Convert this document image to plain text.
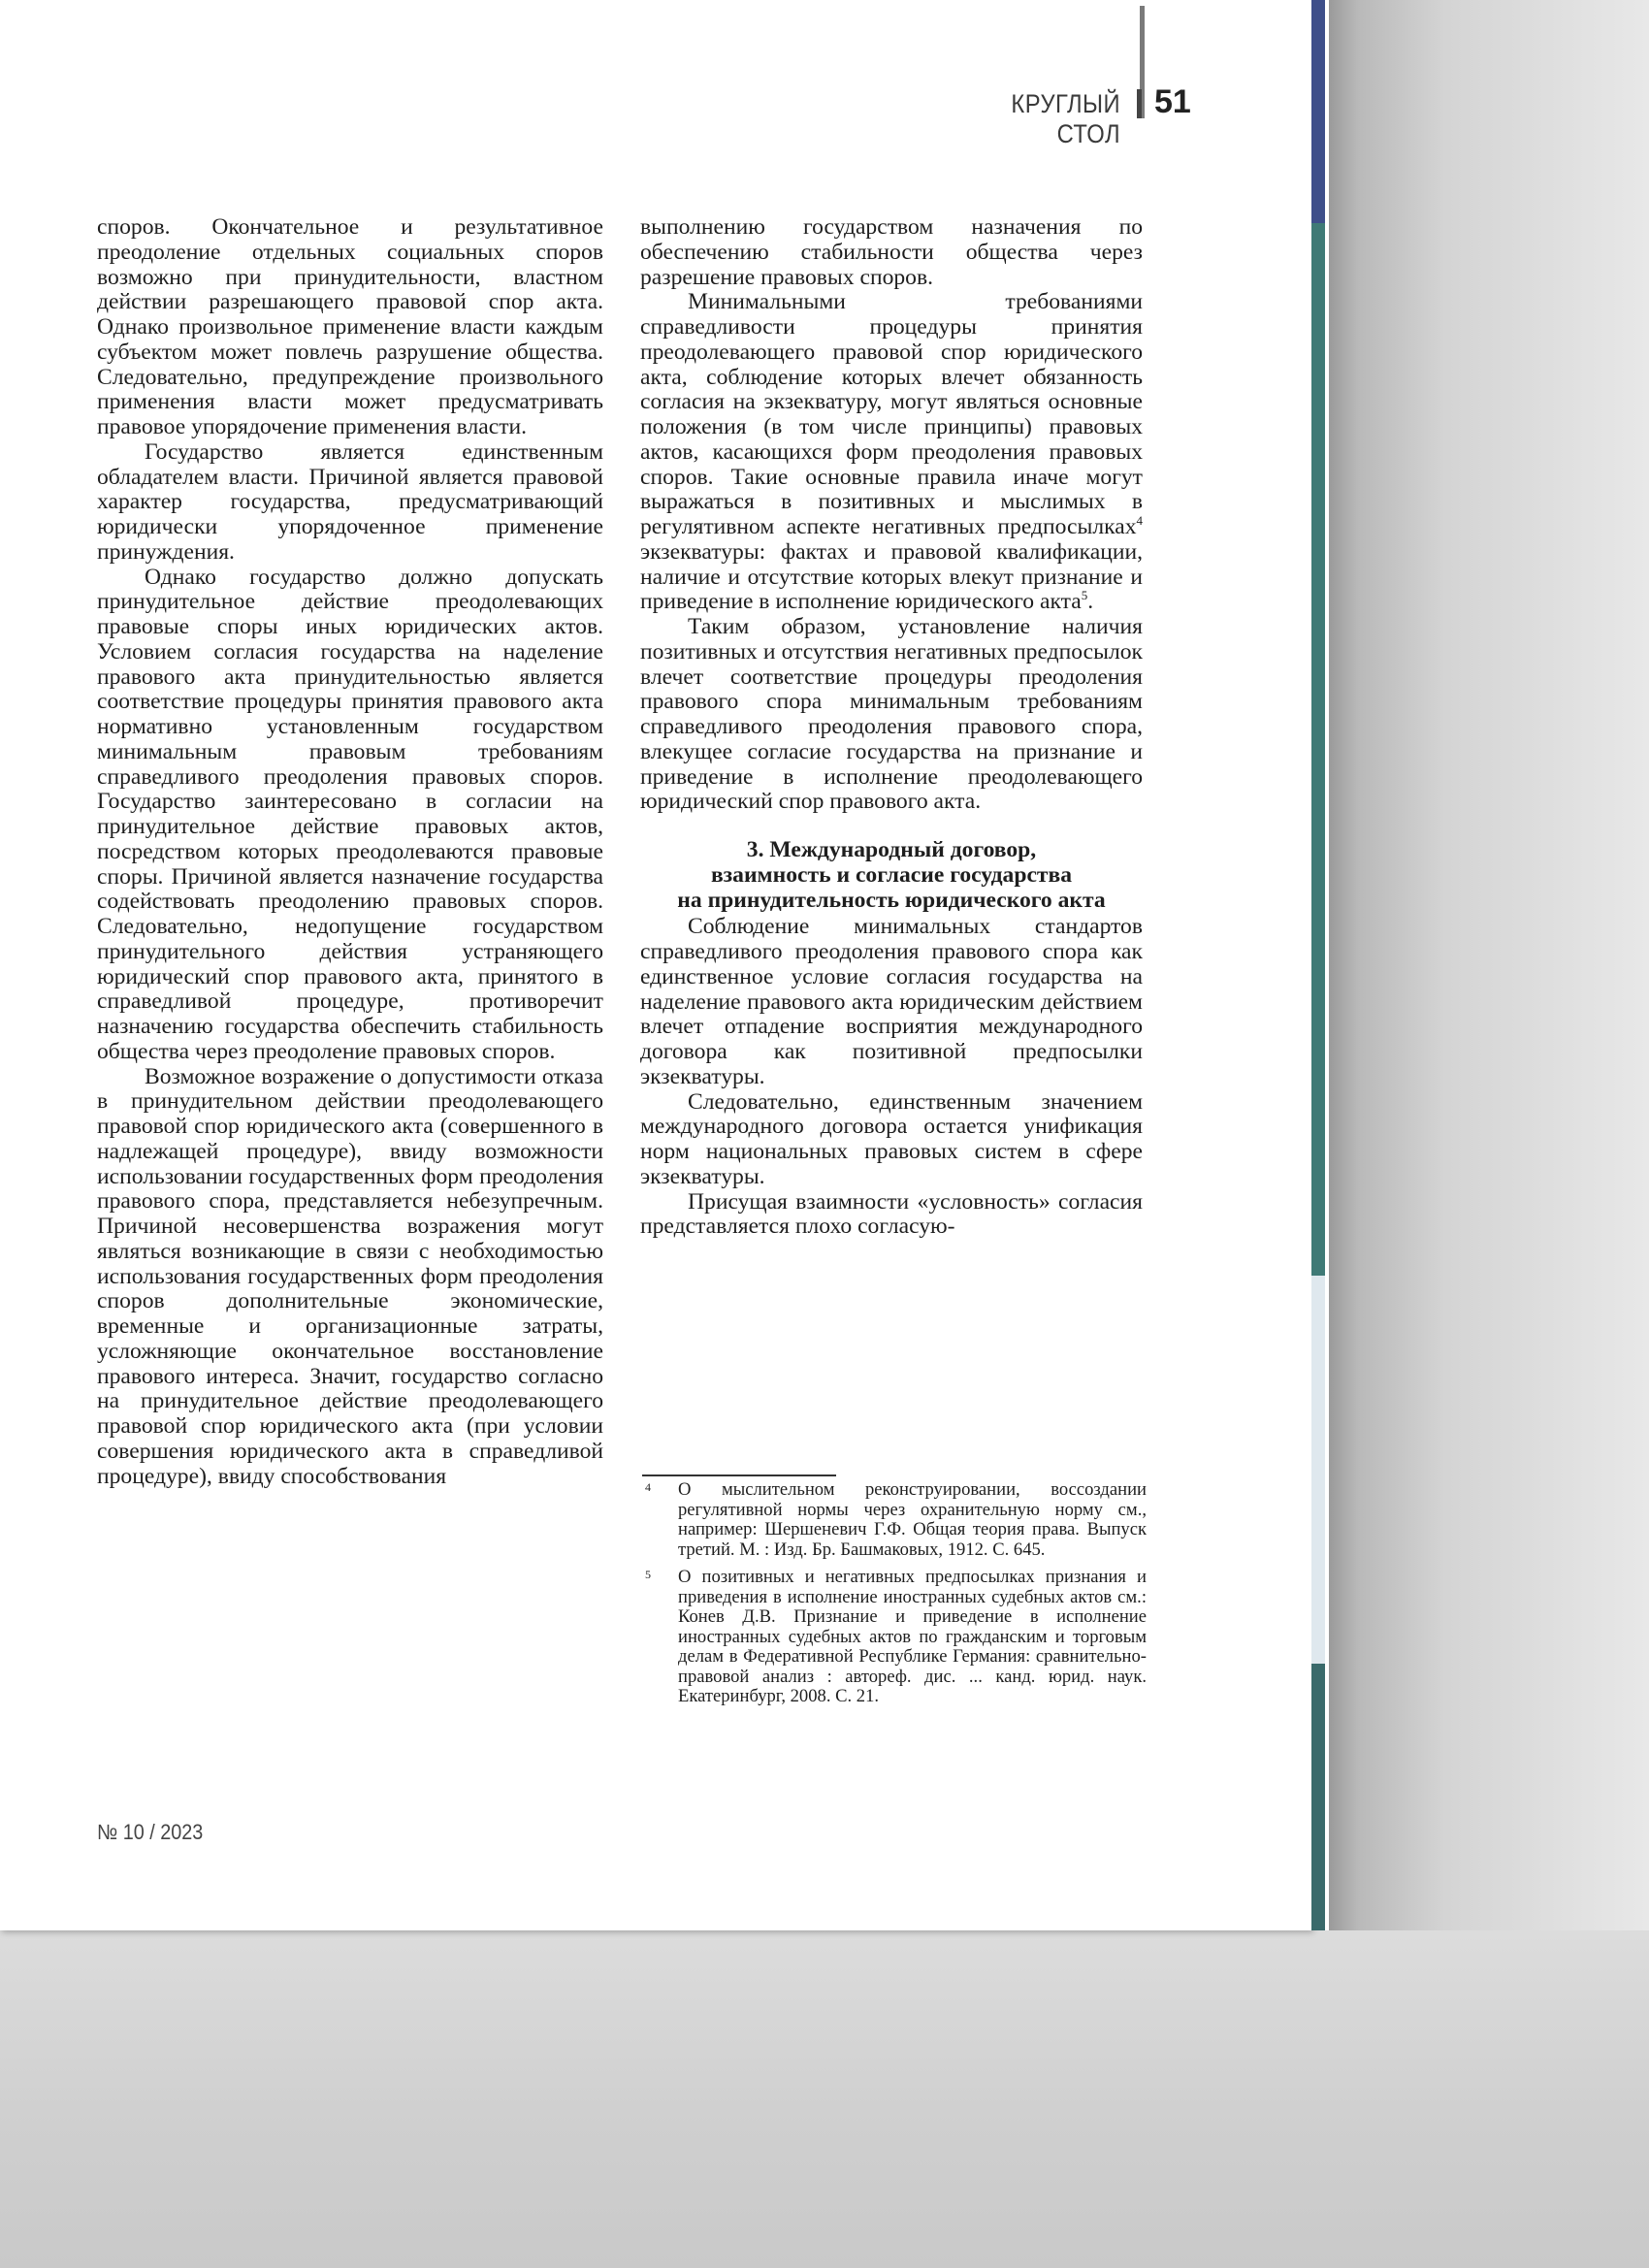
КРУГЛЫЙ СТОЛ
51

споров. Окончательное и результативное преодоление отдельных социальных споров возможно при принудительности, властном действии разрешающего правовой спор акта. Однако произвольное применение власти каждым субъектом может повлечь разрушение общества. Следовательно, предупреждение произвольного применения власти может предусматривать правовое упорядочение применения власти.

Государство является единственным обладателем власти. Причиной является правовой характер государства, предусматривающий юридически упорядоченное применение принуждения.

Однако государство должно допускать принудительное действие преодолевающих правовые споры иных юридических актов. Условием согласия государства на наделение правового акта принудительностью является соответствие процедуры принятия правового акта нормативно установленным государством минимальным правовым требованиям справедливого преодоления правовых споров. Государство заинтересовано в согласии на принудительное действие правовых актов, посредством которых преодолеваются правовые споры. Причиной является назначение государства содействовать преодолению правовых споров. Следовательно, недопущение государством принудительного действия устраняющего юридический спор правового акта, принятого в справедливой процедуре, противоречит назначению государства обеспечить стабильность общества через преодоление правовых споров.

Возможное возражение о допустимости отказа в принудительном действии преодолевающего правовой спор юридического акта (совершенного в надлежащей процедуре), ввиду возможности использовании государственных форм преодоления правового спора, представляется небезупречным. Причиной несовершенства возражения могут являться возникающие в связи с необходимостью использования государственных форм преодоления споров дополнительные экономические, временные и организационные затраты, усложняющие окончательное восстановление правового интереса. Значит, государство согласно на принудительное действие преодолевающего правовой спор юридического акта (при условии совершения юридического акта в справедливой процедуре), ввиду способствования

выполнению государством назначения по обеспечению стабильности общества через разрешение правовых споров.

Минимальными требованиями справедливости процедуры принятия преодолевающего правовой спор юридического акта, соблюдение которых влечет обязанность согласия на экзекватуру, могут являться основные положения (в том числе принципы) правовых актов, касающихся форм преодоления правовых споров. Такие основные правила иначе могут выражаться в позитивных и мыслимых в регулятивном аспекте негативных предпосылках$^4$ экзекватуры: фактах и правовой квалификации, наличие и отсутствие которых влекут признание и приведение в исполнение юридического акта$^5$.

Таким образом, установление наличия позитивных и отсутствия негативных предпосылок влечет соответствие процедуры преодоления правового спора минимальным требованиям справедливого преодоления правового спора, влекущее согласие государства на признание и приведение в исполнение преодолевающего юридический спор правового акта.

3. Международный договор,
взаимность и согласие государства
на принудительность юридического акта

Соблюдение минимальных стандартов справедливого преодоления правового спора как единственное условие согласия государства на наделение правового акта юридическим действием влечет отпадение восприятия международного договора как позитивной предпосылки экзекватуры.

Следовательно, единственным значением международного договора остается унификация норм национальных правовых систем в сфере экзекватуры.

Присущая взаимности «условность» согласия представляется плохо согласую-

4 О мыслительном реконструировании, воссоздании регулятивной нормы через охранительную норму см., например: Шершеневич Г.Ф. Общая теория права. Выпуск третий. М. : Изд. Бр. Башмаковых, 1912. С. 645.
5 О позитивных и негативных предпосылках признания и приведения в исполнение иностранных судебных актов см.: Конев Д.В. Признание и приведение в исполнение иностранных судебных актов по гражданским и торговым делам в Федеративной Республике Германия: сравнительно-правовой анализ : автореф. дис. ... канд. юрид. наук. Екатеринбург, 2008. С. 21.
№ 10 / 2023
